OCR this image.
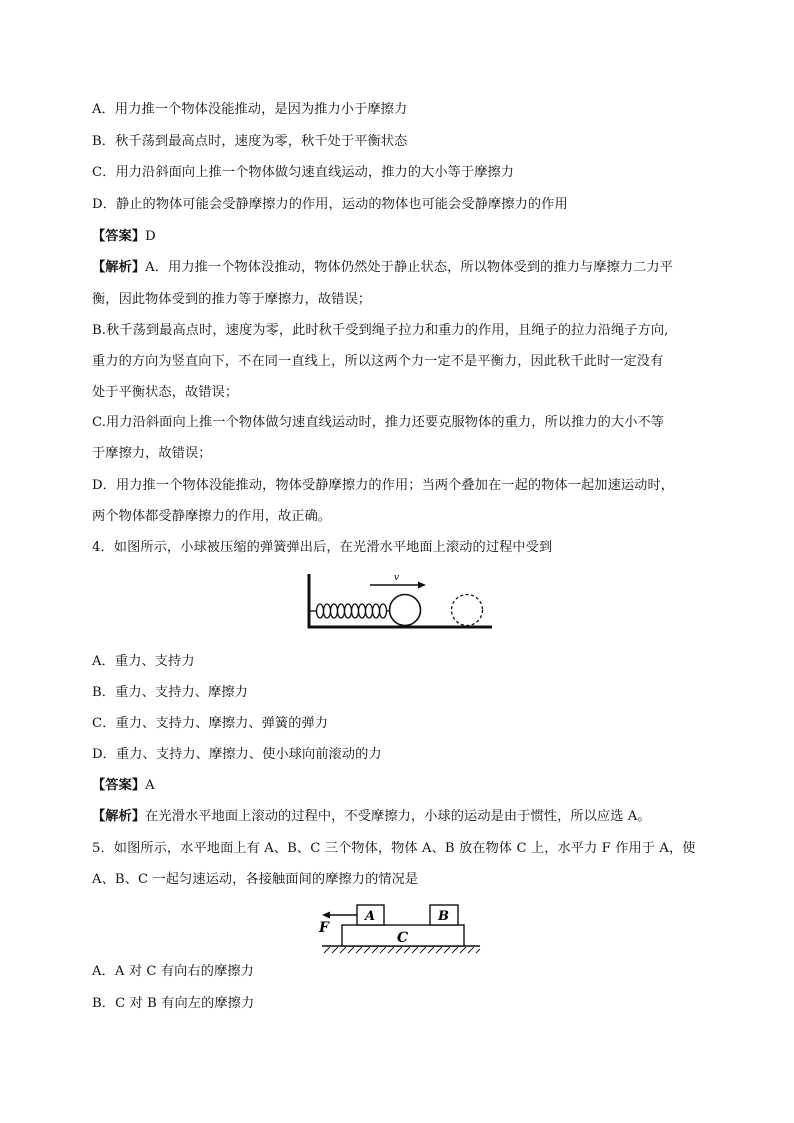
A．用力推一个物体没能推动，是因为推力小于摩擦力
B．秋千荡到最高点时，速度为零，秋千处于平衡状态
C．用力沿斜面向上推一个物体做匀速直线运动，推力的大小等于摩擦力
D．静止的物体可能会受静摩擦力的作用，运动的物体也可能会受静摩擦力的作用
【答案】D
【解析】A．用力推一个物体没推动，物体仍然处于静止状态，所以物体受到的推力与摩擦力二力平
衡，因此物体受到的推力等于摩擦力，故错误；
B.秋千荡到最高点时，速度为零，此时秋千受到绳子拉力和重力的作用，且绳子的拉力沿绳子方向,
重力的方向为竖直向下，不在同一直线上，所以这两个力一定不是平衡力，因此秋千此时一定没有
处于平衡状态，故错误；
C.用力沿斜面向上推一个物体做匀速直线运动时，推力还要克服物体的重力，所以推力的大小不等
于摩擦力，故错误；
D．用力推一个物体没能推动，物体受静摩擦力的作用；当两个叠加在一起的物体一起加速运动时，
两个物体都受静摩擦力的作用，故正确。
4．如图所示，小球被压缩的弹簧弹出后，在光滑水平地面上滚动的过程中受到
v
A．重力、支持力
B．重力、支持力、摩擦力
C．重力、支持力、摩擦力、弹簧的弹力
D．重力、支持力、摩擦力、使小球向前滚动的力
【答案】A
【解析】在光滑水平地面上滚动的过程中，不受摩擦力，小球的运动是由于惯性，所以应选 A。
5．如图所示，水平地面上有 A、B、C 三个物体，物体 A、B 放在物体 C 上，水平力 F 作用于 A，使
A、B、C 一起匀速运动，各接触面间的摩擦力的情况是
C
A	B
F
A．A 对 C 有向右的摩擦力
B．C 对 B 有向左的摩擦力
